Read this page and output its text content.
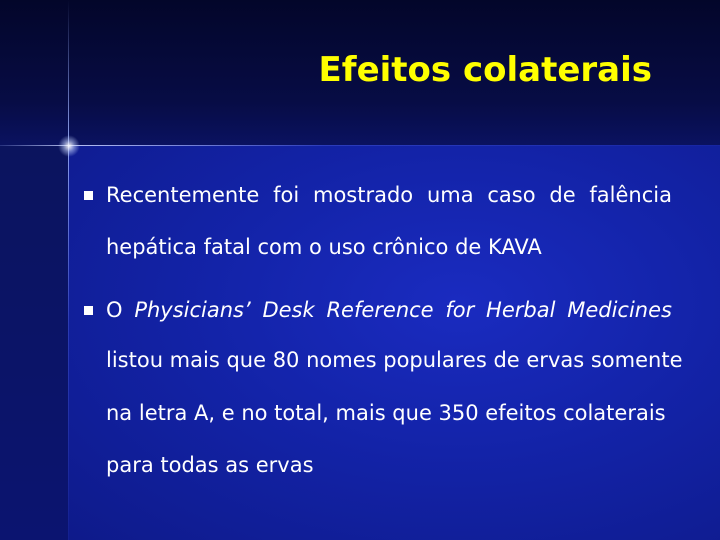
Efeitos colaterais
Recentemente foi mostrado uma caso de falência
hepática fatal com o uso crônico de KAVA
O Physicians’ Desk Reference for Herbal Medicines
listou mais que 80 nomes populares de ervas somente
na letra A, e no total, mais que 350 efeitos colaterais
para todas as ervas
